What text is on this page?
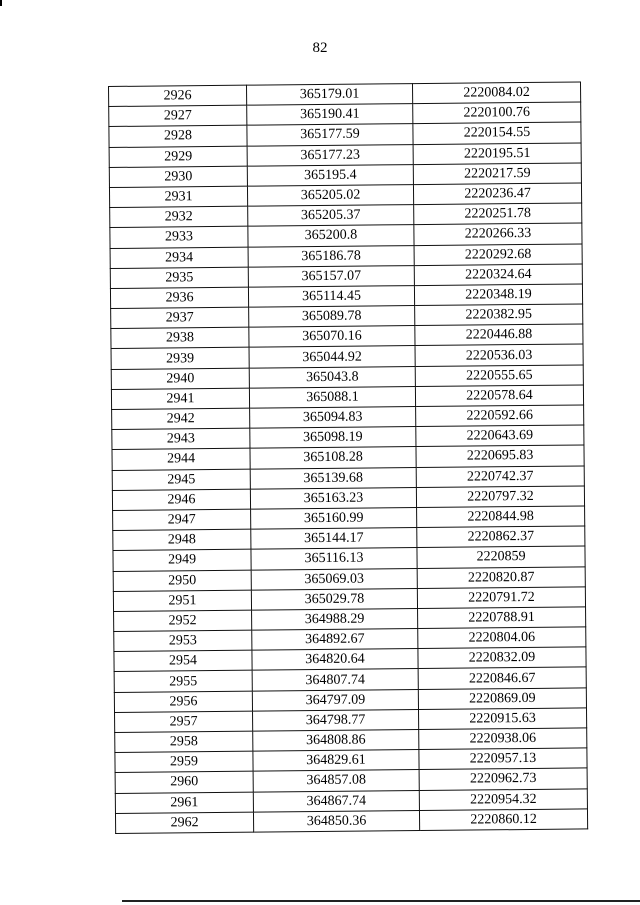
82
2926	365179.01	2220084.02
2927	365190.41	2220100.76
2928	365177.59	2220154.55
2929	365177.23	2220195.51
2930	365195.4	2220217.59
2931	365205.02	2220236.47
2932	365205.37	2220251.78
2933	365200.8	2220266.33
2934	365186.78	2220292.68
2935	365157.07	2220324.64
2936	365114.45	2220348.19
2937	365089.78	2220382.95
2938	365070.16	2220446.88
2939	365044.92	2220536.03
2940	365043.8	2220555.65
2941	365088.1	2220578.64
2942	365094.83	2220592.66
2943	365098.19	2220643.69
2944	365108.28	2220695.83
2945	365139.68	2220742.37
2946	365163.23	2220797.32
2947	365160.99	2220844.98
2948	365144.17	2220862.37
2949	365116.13	2220859
2950	365069.03	2220820.87
2951	365029.78	2220791.72
2952	364988.29	2220788.91
2953	364892.67	2220804.06
2954	364820.64	2220832.09
2955	364807.74	2220846.67
2956	364797.09	2220869.09
2957	364798.77	2220915.63
2958	364808.86	2220938.06
2959	364829.61	2220957.13
2960	364857.08	2220962.73
2961	364867.74	2220954.32
2962	364850.36	2220860.12
